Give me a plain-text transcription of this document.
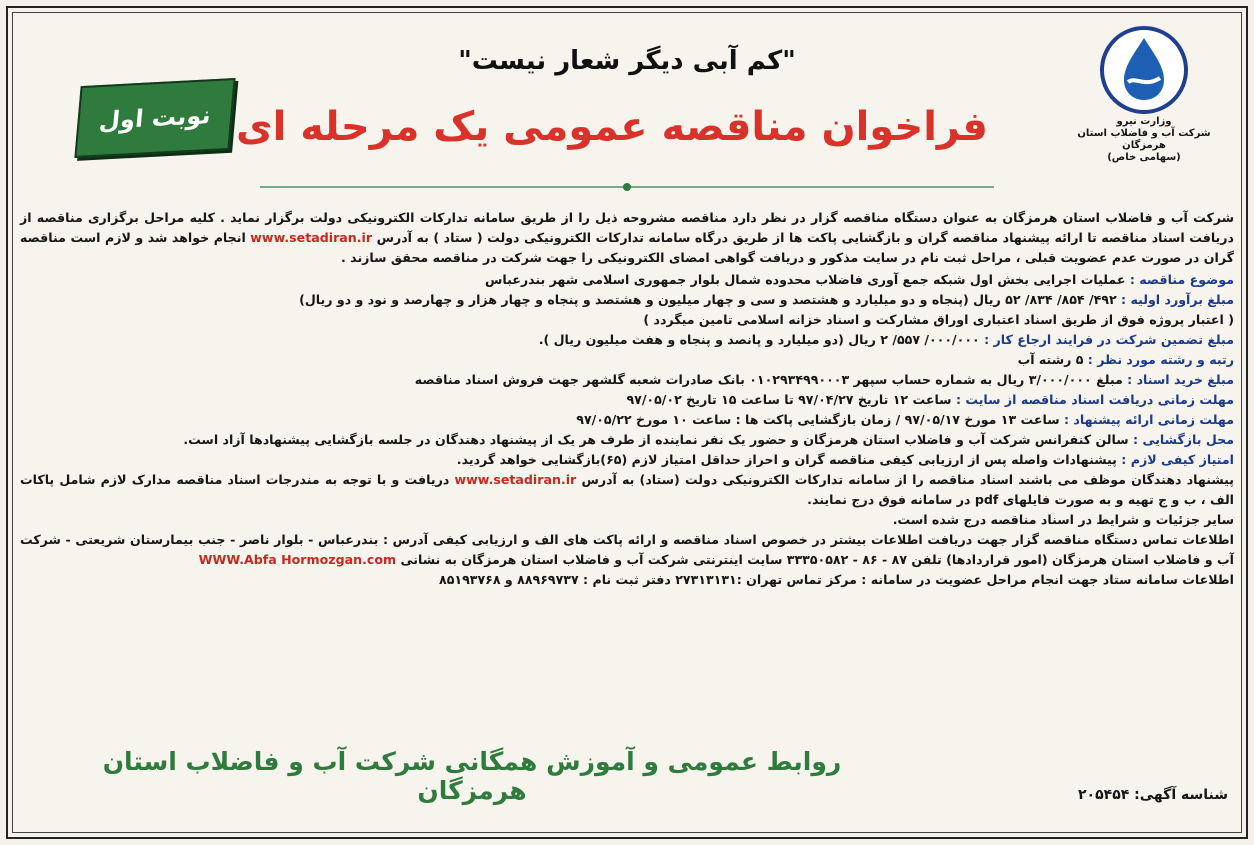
وزارت نیرو
شرکت آب و فاضلاب استان هرمزگان
(سهامی خاص)
"کم آبی دیگر شعار نیست"
فراخوان مناقصه عمومی یک مرحله ای
نوبت اول

شرکت آب و فاضلاب استان هرمزگان به عنوان دستگاه مناقصه گزار در نظر دارد مناقصه مشروحه ذیل را از طریق سامانه تدارکات الکترونیکی دولت برگزار نماید . کلیه مراحل برگزاری مناقصه از دریافت اسناد مناقصه تا ارائه پیشنهاد مناقصه گران و بازگشایی پاکت ها از طریق درگاه سامانه تدارکات الکترونیکی دولت ( ستاد ) به آدرس www.setadiran.ir انجام خواهد شد و لازم است مناقصه گران در صورت عدم عضویت قبلی ، مراحل ثبت نام در سایت مذکور و دریافت گواهی امضای الکترونیکی را جهت شرکت در مناقصه محقق سازند .

موضوع مناقصه : عملیات اجرایی بخش اول شبکه جمع آوری فاضلاب محدوده شمال بلوار جمهوری اسلامی شهر بندرعباس

مبلغ برآورد اولیه : ۴۹۲/ ۸۵۴/ ۸۳۴/ ۵۲ ریال (پنجاه و دو میلیارد و هشتصد و سی و چهار میلیون و هشتصد و پنجاه و چهار هزار و چهارصد و نود و دو ریال)

( اعتبار پروژه فوق از طریق اسناد اعتباری اوراق مشارکت و اسناد خزانه اسلامی تامین میگردد )

مبلغ تضمین شرکت در فرایند ارجاع کار : ۰۰۰/۰۰۰/ ۵۵۷/ ۲ ریال (دو میلیارد و پانصد و پنجاه و هفت میلیون ریال ).

رتبه و رشته مورد نظر : ۵ رشته آب

مبلغ خرید اسناد : مبلغ ۳/۰۰۰/۰۰۰ ریال به شماره حساب سپهر ۰۱۰۲۹۳۴۹۹۰۰۰۳ بانک صادرات شعبه گلشهر جهت فروش اسناد مناقصه

مهلت زمانی دریافت اسناد مناقصه از سایت : ساعت ۱۲ تاریخ ۹۷/۰۴/۲۷ تا ساعت ۱۵ تاریخ ۹۷/۰۵/۰۲

مهلت زمانی ارائه پیشنهاد : ساعت ۱۳ مورخ ۹۷/۰۵/۱۷ / زمان بازگشایی پاکت ها : ساعت ۱۰ مورخ ۹۷/۰۵/۲۲

محل بازگشایی : سالن کنفرانس شرکت آب و فاضلاب استان هرمزگان و حضور یک نفر نماینده از طرف هر یک از پیشنهاد دهندگان در جلسه بازگشایی پیشنهادها آزاد است.

امتیاز کیفی لازم : پیشنهادات واصله پس از ارزیابی کیفی مناقصه گران و احراز حداقل امتیاز لازم (۶۵)بازگشایی خواهد گردید.

پیشنهاد دهندگان موظف می باشند اسناد مناقصه را از سامانه تدارکات الکترونیکی دولت (ستاد) به آدرس www.setadiran.ir دریافت و با توجه به مندرجات اسناد مناقصه مدارک لازم شامل پاکات الف ، ب و ج تهیه و به صورت فایلهای pdf در سامانه فوق درج نمایند.

سایر جزئیات و شرایط در اسناد مناقصه درج شده است.

اطلاعات تماس دستگاه مناقصه گزار جهت دریافت اطلاعات بیشتر در خصوص اسناد مناقصه و ارائه پاکت های الف و ارزیابی کیفی آدرس : بندرعباس - بلوار ناصر - جنب بیمارستان شریعتی - شرکت آب و فاضلاب استان هرمزگان (امور قراردادها) تلفن ۸۷ - ۸۶ - ۳۳۳۵۰۵۸۲ سایت اینترنتی شرکت آب و فاضلاب استان هرمزگان به نشانی WWW.Abfa Hormozgan.com

اطلاعات سامانه ستاد جهت انجام مراحل عضویت در سامانه : مرکز تماس تهران :۲۷۳۱۳۱۳۱ دفتر ثبت نام : ۸۸۹۶۹۷۳۷ و ۸۵۱۹۳۷۶۸

روابط عمومی و آموزش همگانی شرکت آب و فاضلاب استان هرمزگان	شناسه آگهی: ۲۰۵۴۵۴
